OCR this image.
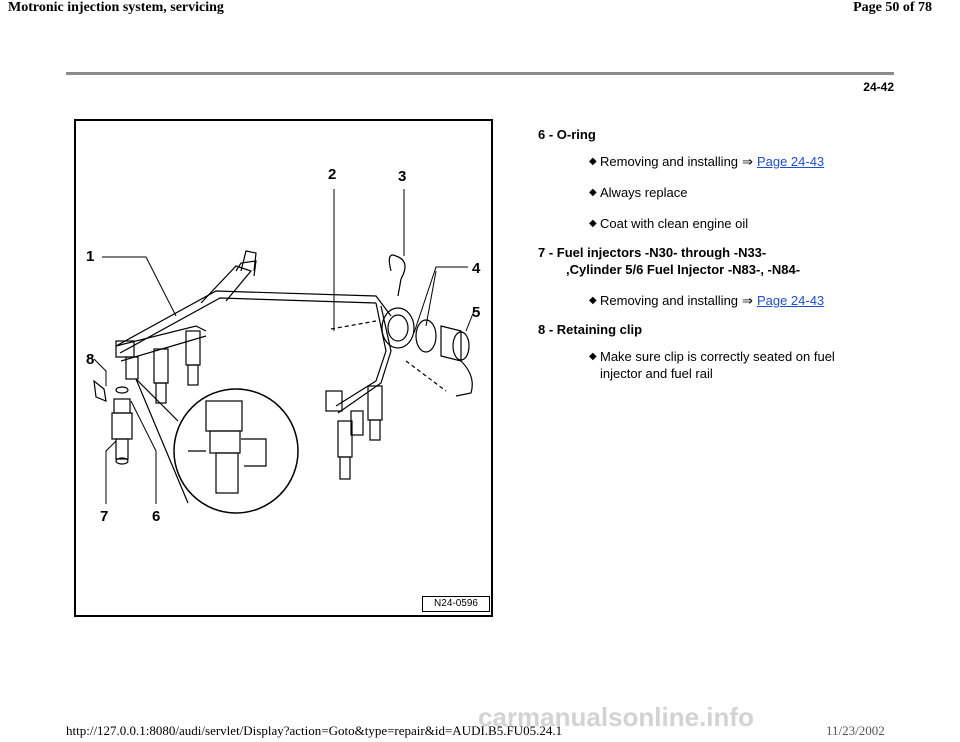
Motronic injection system, servicing	Page 50 of 78
24-42
1
2	3
4
5
8
7	6
N24-0596

6 - O-ring

◆ Removing and installing ⇒ Page 24-43
◆ Always replace
◆ Coat with clean engine oil

7 - Fuel injectors -N30- through -N33-

,Cylinder 5/6 Fuel Injector -N83-, -N84-

◆ Removing and installing ⇒ Page 24-43

8 - Retaining clip

◆ Make sure clip is correctly seated on fuel
injector and fuel rail
carmanualsonline.info
http://127.0.0.1:8080/audi/servlet/Display?action=Goto&type=repair&id=AUDI.B5.FU05.24.1	11/23/2002
